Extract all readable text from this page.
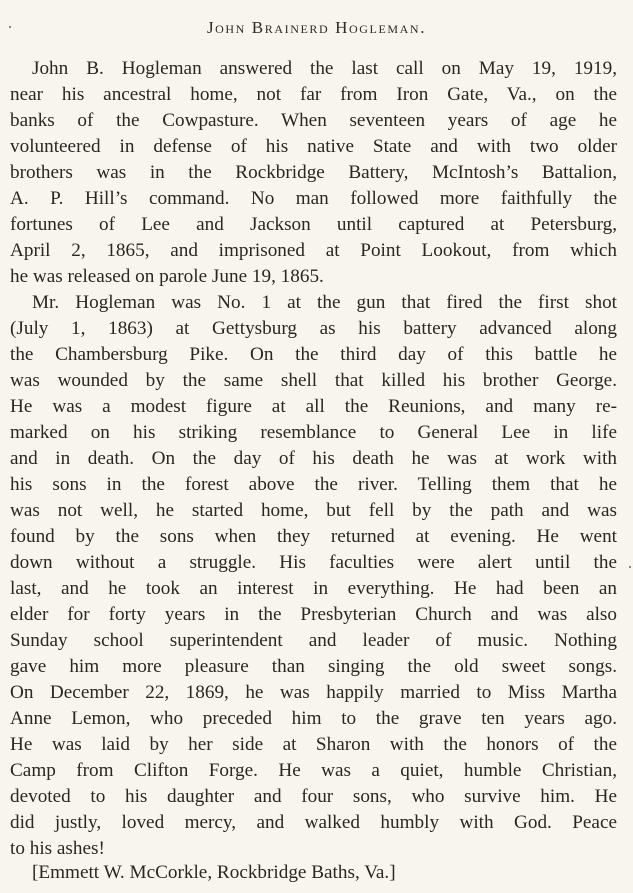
John Brainerd Hogleman.
John B. Hogleman answered the last call on May 19, 1919,
near his ancestral home, not far from Iron Gate, Va., on the
banks of the Cowpasture. When seventeen years of age he
volunteered in defense of his native State and with two older
brothers was in the Rockbridge Battery, McIntosh’s Battalion,
A. P. Hill’s command. No man followed more faithfully the
fortunes of Lee and Jackson until captured at Petersburg,
April 2, 1865, and imprisoned at Point Lookout, from which
he was released on parole June 19, 1865.
Mr. Hogleman was No. 1 at the gun that fired the first shot
(July 1, 1863) at Gettysburg as his battery advanced along
the Chambersburg Pike. On the third day of this battle he
was wounded by the same shell that killed his brother George.
He was a modest figure at all the Reunions, and many re-
marked on his striking resemblance to General Lee in life
and in death. On the day of his death he was at work with
his sons in the forest above the river. Telling them that he
was not well, he started home, but fell by the path and was
found by the sons when they returned at evening. He went
down without a struggle. His faculties were alert until the
last, and he took an interest in everything. He had been an
elder for forty years in the Presbyterian Church and was also
Sunday school superintendent and leader of music. Nothing
gave him more pleasure than singing the old sweet songs.
On December 22, 1869, he was happily married to Miss Martha
Anne Lemon, who preceded him to the grave ten years ago.
He was laid by her side at Sharon with the honors of the
Camp from Clifton Forge. He was a quiet, humble Christian,
devoted to his daughter and four sons, who survive him. He
did justly, loved mercy, and walked humbly with God. Peace
to his ashes!
[Emmett W. McCorkle, Rockbridge Baths, Va.]
